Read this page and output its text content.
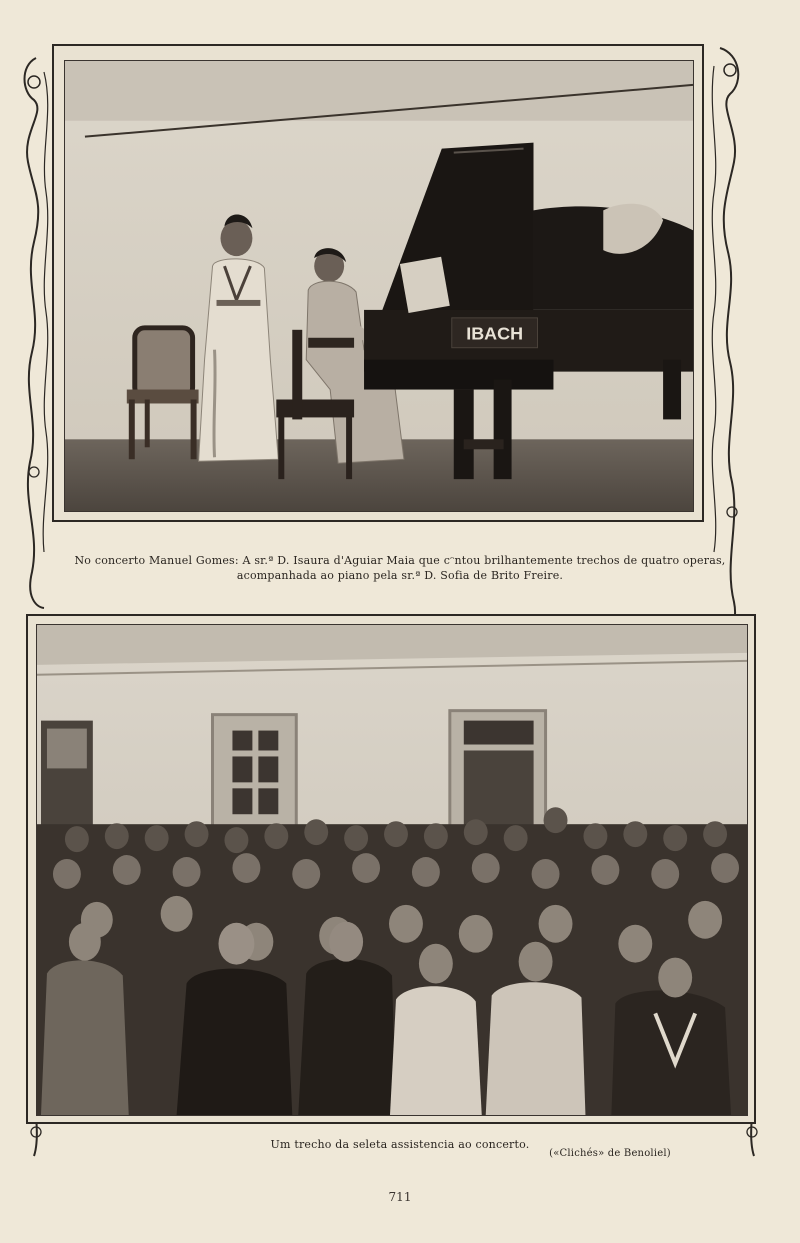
IBACH
No concerto Manuel Gomes: A sr.ª D. Isaura d'Aguiar Maia que cᵔntou brilhantemente trechos de quatro operas,
acompanhada ao piano pela sr.ª D. Sofia de Brito Freire.
Um trecho da seleta assistencia ao concerto.
(«Clichés» de Benoliel)
711
